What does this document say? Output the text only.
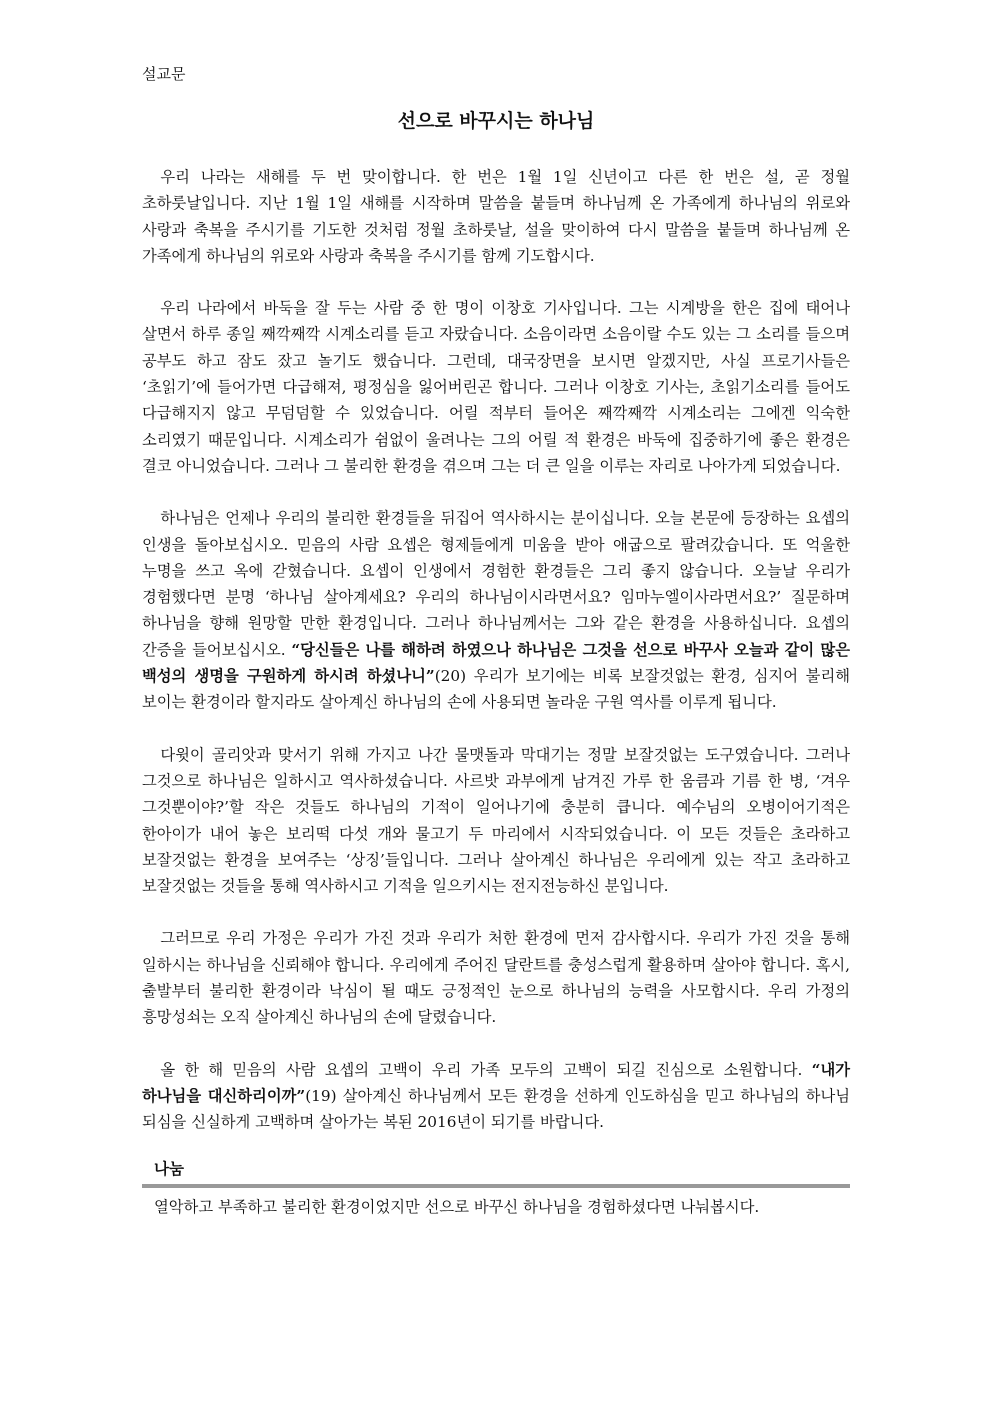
설교문
선으로 바꾸시는 하나님

우리 나라는 새해를 두 번 맞이합니다. 한 번은 1월 1일 신년이고 다른 한 번은 설, 곧 정월 초하룻날입니다. 지난 1월 1일 새해를 시작하며 말씀을 붙들며 하나님께 온 가족에게 하나님의 위로와 사랑과 축복을 주시기를 기도한 것처럼 정월 초하룻날, 설을 맞이하여 다시 말씀을 붙들며 하나님께 온 가족에게 하나님의 위로와 사랑과 축복을 주시기를 함께 기도합시다.

우리 나라에서 바둑을 잘 두는 사람 중 한 명이 이창호 기사입니다. 그는 시계방을 한은 집에 태어나 살면서 하루 종일 째깍째깍 시계소리를 듣고 자랐습니다. 소음이라면 소음이랄 수도 있는 그 소리를 들으며 공부도 하고 잠도 잤고 놀기도 했습니다. 그런데, 대국장면을 보시면 알겠지만, 사실 프로기사들은 ‘초읽기’에 들어가면 다급해져, 평정심을 잃어버린곤 합니다. 그러나 이창호 기사는, 초읽기소리를 들어도 다급해지지 않고 무덤덤할 수 있었습니다. 어릴 적부터 들어온 째깍째깍 시계소리는 그에겐 익숙한 소리였기 때문입니다. 시계소리가 쉼없이 울려나는 그의 어릴 적 환경은 바둑에 집중하기에 좋은 환경은 결코 아니었습니다. 그러나 그 불리한 환경을 겪으며 그는 더 큰 일을 이루는 자리로 나아가게 되었습니다.

하나님은 언제나 우리의 불리한 환경들을 뒤집어 역사하시는 분이십니다. 오늘 본문에 등장하는 요셉의 인생을 돌아보십시오. 믿음의 사람 요셉은 형제들에게 미움을 받아 애굽으로 팔려갔습니다. 또 억울한 누명을 쓰고 옥에 갇혔습니다. 요셉이 인생에서 경험한 환경들은 그리 좋지 않습니다. 오늘날 우리가 경험했다면 분명 ‘하나님 살아계세요? 우리의 하나님이시라면서요? 임마누엘이사라면서요?’ 질문하며 하나님을 향해 원망할 만한 환경입니다. 그러나 하나님께서는 그와 같은 환경을 사용하십니다. 요셉의 간증을 들어보십시오. “당신들은 나를 해하려 하였으나 하나님은 그것을 선으로 바꾸사 오늘과 같이 많은 백성의 생명을 구원하게 하시려 하셨나니”(20) 우리가 보기에는 비록 보잘것없는 환경, 심지어 불리해 보이는 환경이라 할지라도 살아계신 하나님의 손에 사용되면 놀라운 구원 역사를 이루게 됩니다.

다윗이 골리앗과 맞서기 위해 가지고 나간 물맷돌과 막대기는 정말 보잘것없는 도구였습니다. 그러나 그것으로 하나님은 일하시고 역사하셨습니다. 사르밧 과부에게 남겨진 가루 한 움큼과 기름 한 병, ‘겨우 그것뿐이야?’할 작은 것들도 하나님의 기적이 일어나기에 충분히 큽니다. 예수님의 오병이어기적은 한아이가 내어 놓은 보리떡 다섯 개와 물고기 두 마리에서 시작되었습니다. 이 모든 것들은 초라하고 보잘것없는 환경을 보여주는 ‘상징’들입니다. 그러나 살아계신 하나님은 우리에게 있는 작고 초라하고 보잘것없는 것들을 통해 역사하시고 기적을 일으키시는 전지전능하신 분입니다.

그러므로 우리 가정은 우리가 가진 것과 우리가 처한 환경에 먼저 감사합시다. 우리가 가진 것을 통해 일하시는 하나님을 신뢰해야 합니다. 우리에게 주어진 달란트를 충성스럽게 활용하며 살아야 합니다. 혹시, 출발부터 불리한 환경이라 낙심이 될 때도 긍정적인 눈으로 하나님의 능력을 사모합시다. 우리 가정의 흥망성쇠는 오직 살아계신 하나님의 손에 달렸습니다.

올 한 해 믿음의 사람 요셉의 고백이 우리 가족 모두의 고백이 되길 진심으로 소원합니다. “내가 하나님을 대신하리이까”(19) 살아계신 하나님께서 모든 환경을 선하게 인도하심을 믿고 하나님의 하나님 되심을 신실하게 고백하며 살아가는 복된 2016년이 되기를 바랍니다.

나눔
열악하고 부족하고 불리한 환경이었지만 선으로 바꾸신 하나님을 경험하셨다면 나눠봅시다.
